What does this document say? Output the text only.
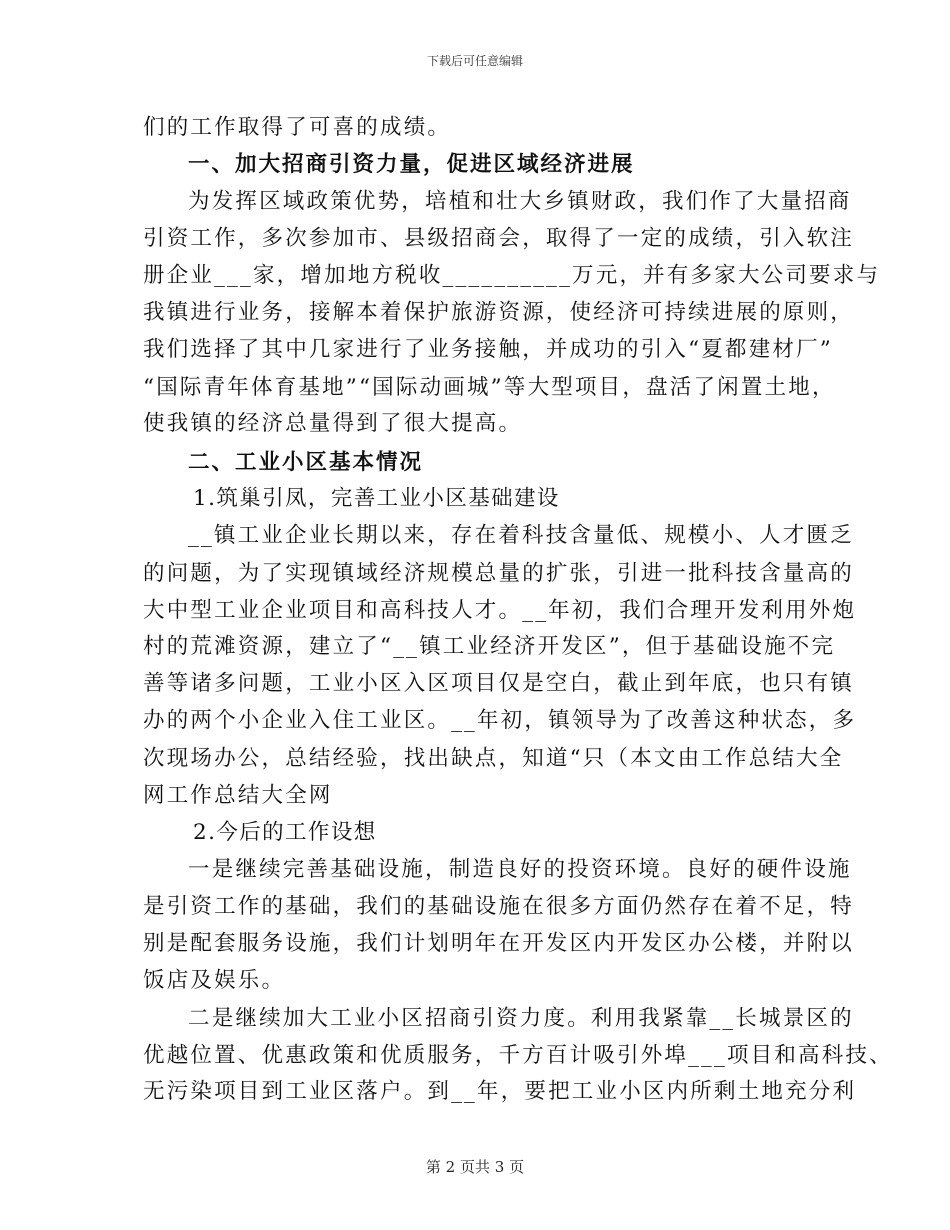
下载后可任意编辑
们的工作取得了可喜的成绩。
一、加大招商引资力量，促进区域经济进展
为发挥区域政策优势，培植和壮大乡镇财政，我们作了大量招商
引资工作，多次参加市、县级招商会，取得了一定的成绩，引入软注
册企业___家，增加地方税收__________万元，并有多家大公司要求与
我镇进行业务，接解本着保护旅游资源，使经济可持续进展的原则，
我们选择了其中几家进行了业务接触，并成功的引入“夏都建材厂”
“国际青年体育基地”“国际动画城”等大型项目，盘活了闲置土地，
使我镇的经济总量得到了很大提高。
二、工业小区基本情况
1.筑巢引凤，完善工业小区基础建设
__镇工业企业长期以来，存在着科技含量低、规模小、人才匮乏
的问题，为了实现镇域经济规模总量的扩张，引进一批科技含量高的
大中型工业企业项目和高科技人才。__年初，我们合理开发利用外炮
村的荒滩资源，建立了“__镇工业经济开发区”，但于基础设施不完
善等诸多问题，工业小区入区项目仅是空白，截止到年底，也只有镇
办的两个小企业入住工业区。__年初，镇领导为了改善这种状态，多
次现场办公，总结经验，找出缺点，知道“只（本文由工作总结大全
网工作总结大全网
2.今后的工作设想
一是继续完善基础设施，制造良好的投资环境。良好的硬件设施
是引资工作的基础，我们的基础设施在很多方面仍然存在着不足，特
别是配套服务设施，我们计划明年在开发区内开发区办公楼，并附以
饭店及娱乐。
二是继续加大工业小区招商引资力度。利用我紧靠__长城景区的
优越位置、优惠政策和优质服务，千方百计吸引外埠___项目和高科技、
无污染项目到工业区落户。到__年，要把工业小区内所剩土地充分利
第 2 页共 3 页
